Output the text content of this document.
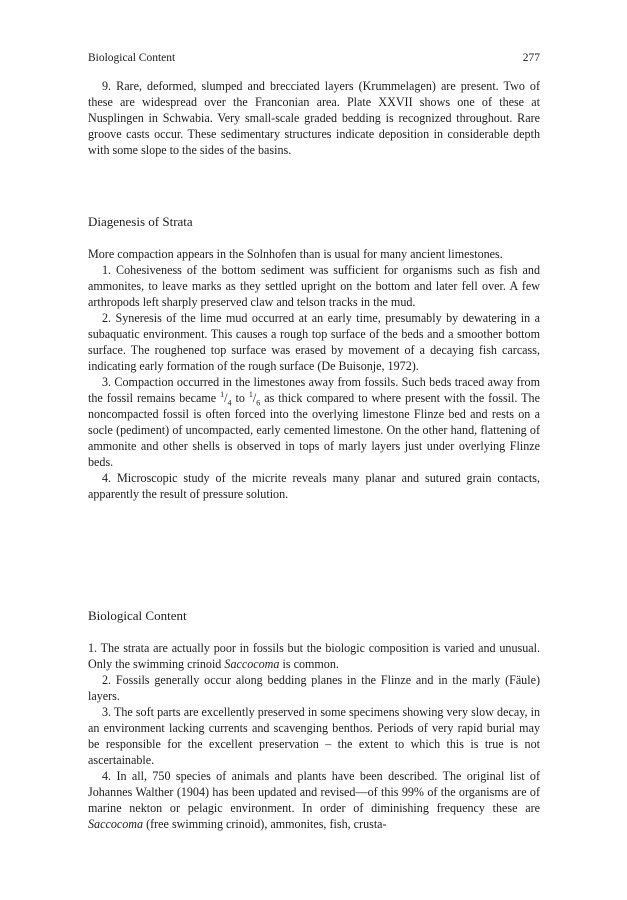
Biological Content	277

9. Rare, deformed, slumped and brecciated layers (Krummelagen) are present. Two of these are widespread over the Franconian area. Plate XXVII shows one of these at Nusplingen in Schwabia. Very small-scale graded bedding is recognized throughout. Rare groove casts occur. These sedimentary structures indicate deposition in considerable depth with some slope to the sides of the basins.

Diagenesis of Strata

More compaction appears in the Solnhofen than is usual for many ancient limestones.

1. Cohesiveness of the bottom sediment was sufficient for organisms such as fish and ammonites, to leave marks as they settled upright on the bottom and later fell over. A few arthropods left sharply preserved claw and telson tracks in the mud.

2. Syneresis of the lime mud occurred at an early time, presumably by dewatering in a subaquatic environment. This causes a rough top surface of the beds and a smoother bottom surface. The roughened top surface was erased by movement of a decaying fish carcass, indicating early formation of the rough surface (De Buisonje, 1972).

3. Compaction occurred in the limestones away from fossils. Such beds traced away from the fossil remains became $^1/_4$ to $^1/_6$ as thick compared to where present with the fossil. The noncompacted fossil is often forced into the overlying limestone Flinze bed and rests on a socle (pediment) of uncompacted, early cemented limestone. On the other hand, flattening of ammonite and other shells is observed in tops of marly layers just under overlying Flinze beds.

4. Microscopic study of the micrite reveals many planar and sutured grain contacts, apparently the result of pressure solution.

Biological Content

1. The strata are actually poor in fossils but the biologic composition is varied and unusual. Only the swimming crinoid Saccocoma is common.

2. Fossils generally occur along bedding planes in the Flinze and in the marly (Fäule) layers.

3. The soft parts are excellently preserved in some specimens showing very slow decay, in an environment lacking currents and scavenging benthos. Periods of very rapid burial may be responsible for the excellent preservation – the extent to which this is true is not ascertainable.

4. In all, 750 species of animals and plants have been described. The original list of Johannes Walther (1904) has been updated and revised—of this 99% of the organisms are of marine nekton or pelagic environment. In order of diminishing frequency these are Saccocoma (free swimming crinoid), ammonites, fish, crusta-
